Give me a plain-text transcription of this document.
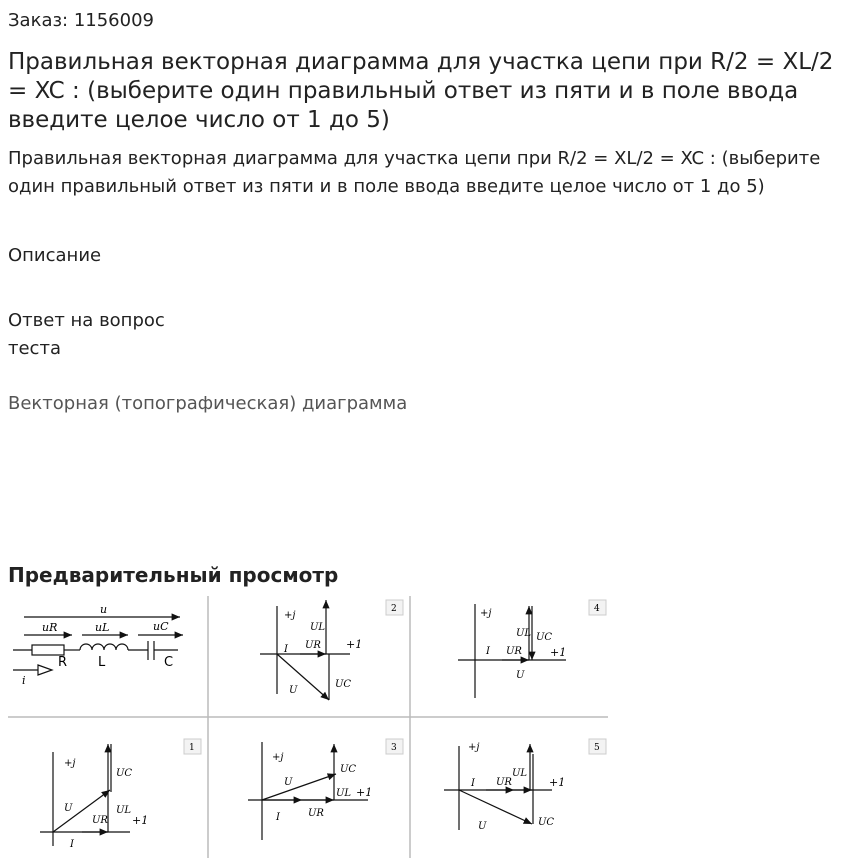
Заказ: 1156009
Правильная векторная диаграмма для участка цепи при R/2 = XL/2 = XC : (выберите один правильный ответ из пяти и в поле ввода введите целое число от 1 до 5)
Правильная векторная диаграмма для участка цепи при R/2 = XL/2 = XC : (выберите один правильный ответ из пяти и в поле ввода введите целое число от 1 до 5)
Описание
Ответ на вопрос теста
Векторная (топографическая) диаграмма
Предварительный просмотр
u
uR	uL	uC
R L	C
i
+j
+1
UL
UR
I
U
UC
2	+j
+1
UL UC
UR
I
U
4
+j
+1
UC
UL
U
UR
I
1
+j
+1
UC
U
UL
UR
I
3	+j
+1
UL
UR
I
U	UC
5
